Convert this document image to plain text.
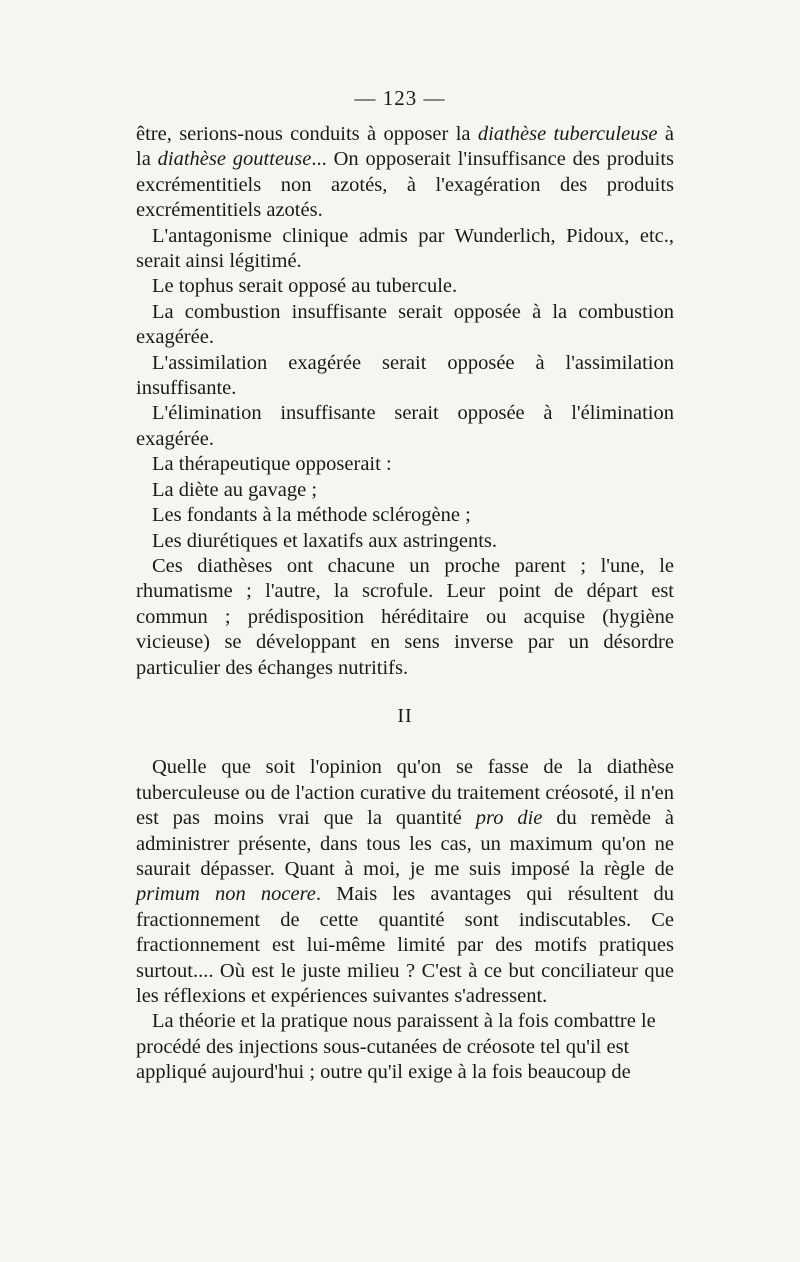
— 123 —

être, serions-nous conduits à opposer la diathèse tuberculeuse à la diathèse goutteuse... On opposerait l'insuffisance des produits excrémentitiels non azotés, à l'exagération des produits excrémentitiels azotés.

L'antagonisme clinique admis par Wunderlich, Pidoux, etc., serait ainsi légitimé.

Le tophus serait opposé au tubercule.

La combustion insuffisante serait opposée à la combustion exagérée.

L'assimilation exagérée serait opposée à l'assimilation insuffisante.

L'élimination insuffisante serait opposée à l'élimination exagérée.

La thérapeutique opposerait :

La diète au gavage ;

Les fondants à la méthode sclérogène ;

Les diurétiques et laxatifs aux astringents.

Ces diathèses ont chacune un proche parent ; l'une, le rhumatisme ; l'autre, la scrofule. Leur point de départ est commun ; prédisposition héréditaire ou acquise (hygiène vicieuse) se développant en sens inverse par un désordre particulier des échanges nutritifs.

II

Quelle que soit l'opinion qu'on se fasse de la diathèse tuberculeuse ou de l'action curative du traitement créosoté, il n'en est pas moins vrai que la quantité pro die du remède à administrer présente, dans tous les cas, un maximum qu'on ne saurait dépasser. Quant à moi, je me suis imposé la règle de primum non nocere. Mais les avantages qui résultent du fractionnement de cette quantité sont indiscutables. Ce fractionnement est lui-même limité par des motifs pratiques surtout.... Où est le juste milieu ? C'est à ce but conciliateur que les réflexions et expériences suivantes s'adressent.

La théorie et la pratique nous paraissent à la fois combattre le procédé des injections sous-cutanées de créosote tel qu'il est appliqué aujourd'hui ; outre qu'il exige à la fois beaucoup de
